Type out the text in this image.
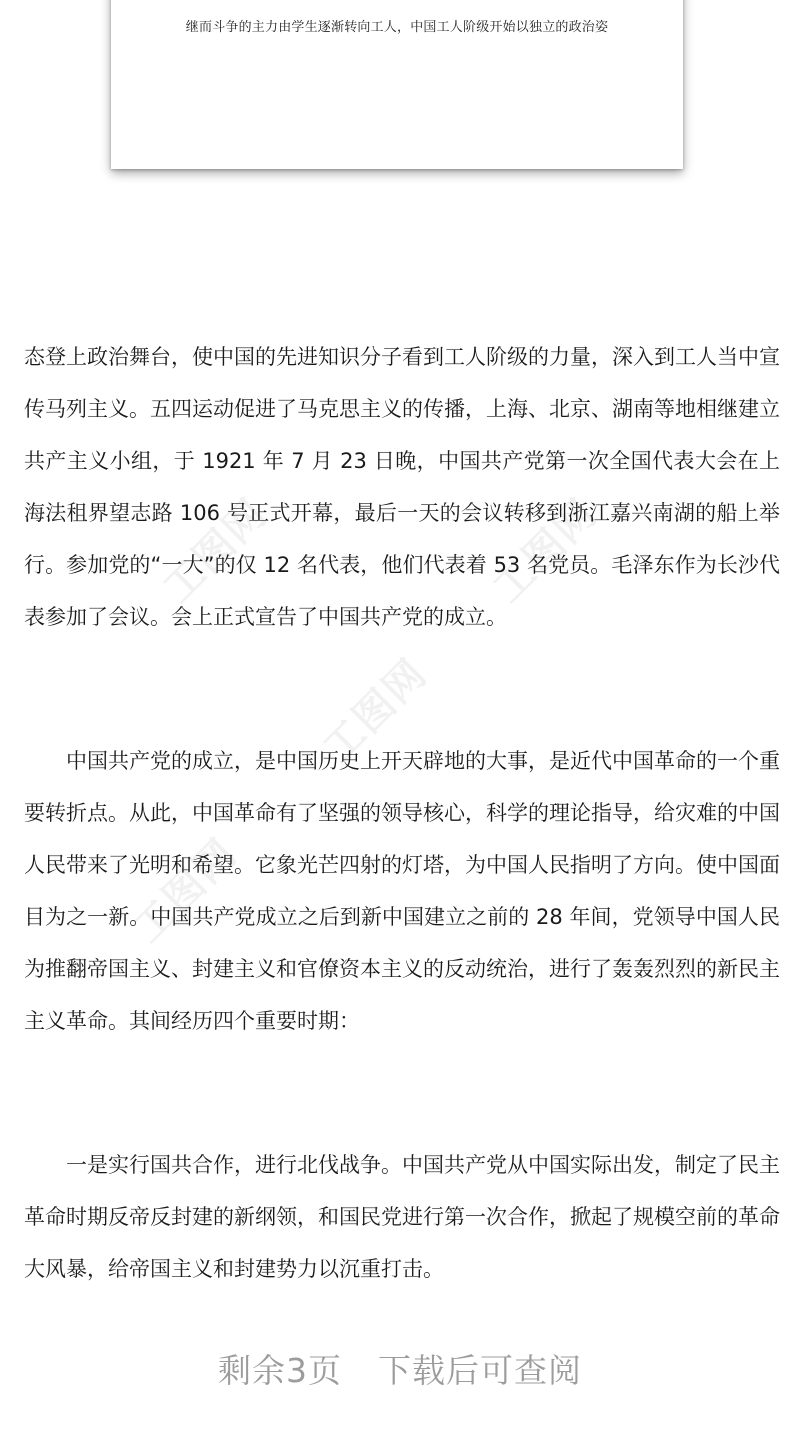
继而斗争的主力由学生逐渐转向工人，中国工人阶级开始以独立的政治姿
工图网	工图网
工图网
工图网

态登上政治舞台，使中国的先进知识分子看到工人阶级的力量，深入到工人当中宣传马列主义。五四运动促进了马克思主义的传播，上海、北京、湖南等地相继建立共产主义小组，于 1921 年 7 月 23 日晚，中国共产党第一次全国代表大会在上海法租界望志路 106 号正式开幕，最后一天的会议转移到浙江嘉兴南湖的船上举行。参加党的“一大”的仅 12 名代表，他们代表着 53 名党员。毛泽东作为长沙代表参加了会议。会上正式宣告了中国共产党的成立。

中国共产党的成立，是中国历史上开天辟地的大事，是近代中国革命的一个重要转折点。从此，中国革命有了坚强的领导核心，科学的理论指导，给灾难的中国人民带来了光明和希望。它象光芒四射的灯塔，为中国人民指明了方向。使中国面目为之一新。中国共产党成立之后到新中国建立之前的 28 年间，党领导中国人民为推翻帝国主义、封建主义和官僚资本主义的反动统治，进行了轰轰烈烈的新民主主义革命。其间经历四个重要时期：

一是实行国共合作，进行北伐战争。中国共产党从中国实际出发，制定了民主革命时期反帝反封建的新纲领，和国民党进行第一次合作，掀起了规模空前的革命大风暴，给帝国主义和封建势力以沉重打击。

剩余3页 下载后可查阅
